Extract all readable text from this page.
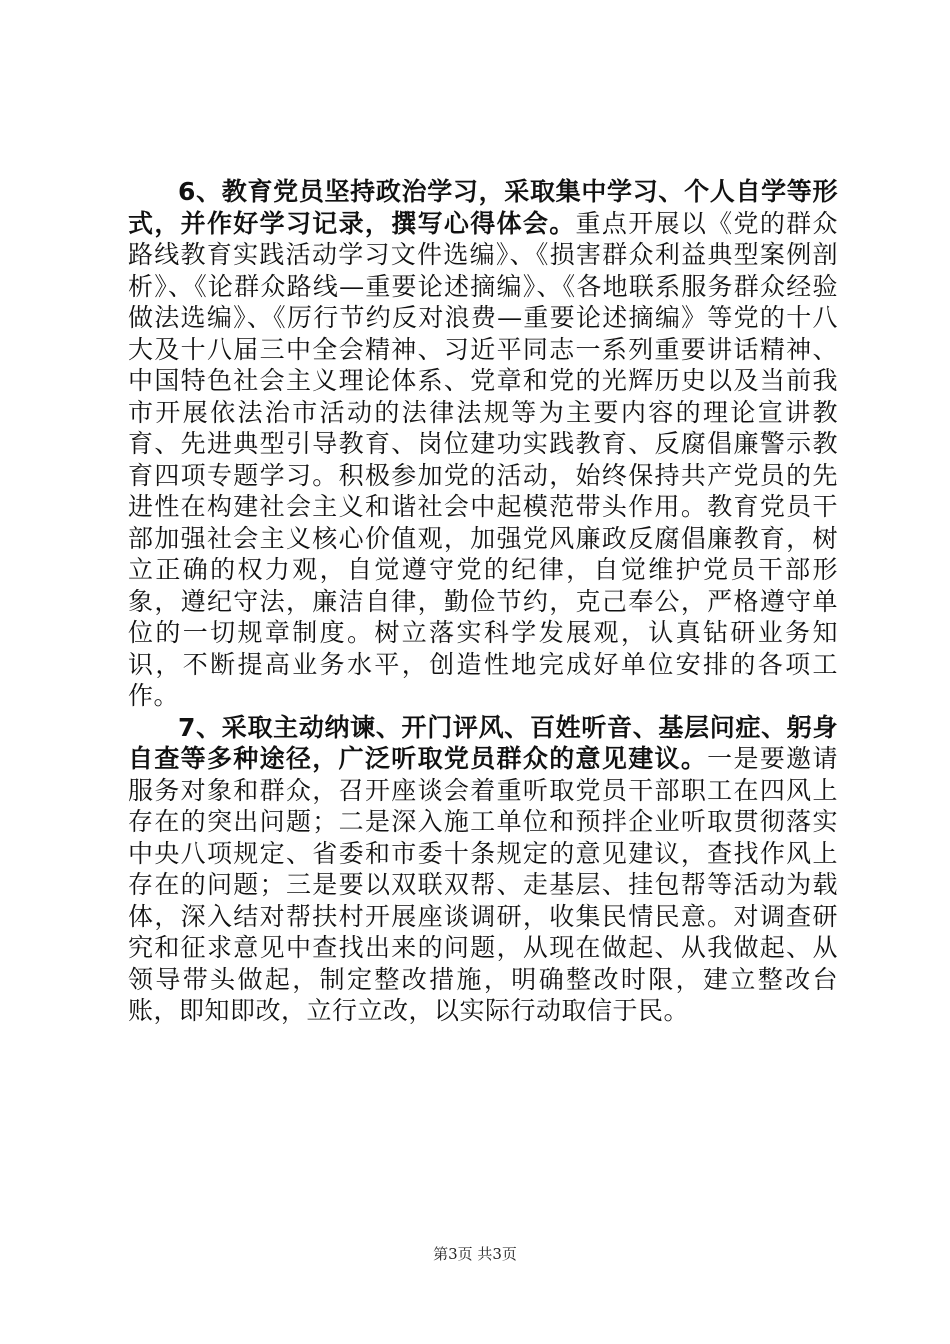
6、教育党员坚持政治学习，采取集中学习、个人自学等形式，并作好学习记录，撰写心得体会。重点开展以《党的群众路线教育实践活动学习文件选编》、《损害群众利益典型案例剖析》、《论群众路线—重要论述摘编》、《各地联系服务群众经验做法选编》、《厉行节约反对浪费—重要论述摘编》等党的十八大及十八届三中全会精神、习近平同志一系列重要讲话精神、中国特色社会主义理论体系、党章和党的光辉历史以及当前我市开展依法治市活动的法律法规等为主要内容的理论宣讲教育、先进典型引导教育、岗位建功实践教育、反腐倡廉警示教育四项专题学习。积极参加党的活动，始终保持共产党员的先进性在构建社会主义和谐社会中起模范带头作用。教育党员干部加强社会主义核心价值观，加强党风廉政反腐倡廉教育，树立正确的权力观，自觉遵守党的纪律，自觉维护党员干部形象，遵纪守法，廉洁自律，勤俭节约，克己奉公，严格遵守单位的一切规章制度。树立落实科学发展观，认真钻研业务知识，不断提高业务水平，创造性地完成好单位安排的各项工作。

7、采取主动纳谏、开门评风、百姓听音、基层问症、躬身自查等多种途径，广泛听取党员群众的意见建议。一是要邀请服务对象和群众，召开座谈会着重听取党员干部职工在四风上存在的突出问题；二是深入施工单位和预拌企业听取贯彻落实中央八项规定、省委和市委十条规定的意见建议，查找作风上存在的问题；三是要以双联双帮、走基层、挂包帮等活动为载体，深入结对帮扶村开展座谈调研，收集民情民意。对调查研究和征求意见中查找出来的问题，从现在做起、从我做起、从领导带头做起，制定整改措施，明确整改时限，建立整改台账，即知即改，立行立改，以实际行动取信于民。

第3页 共3页
